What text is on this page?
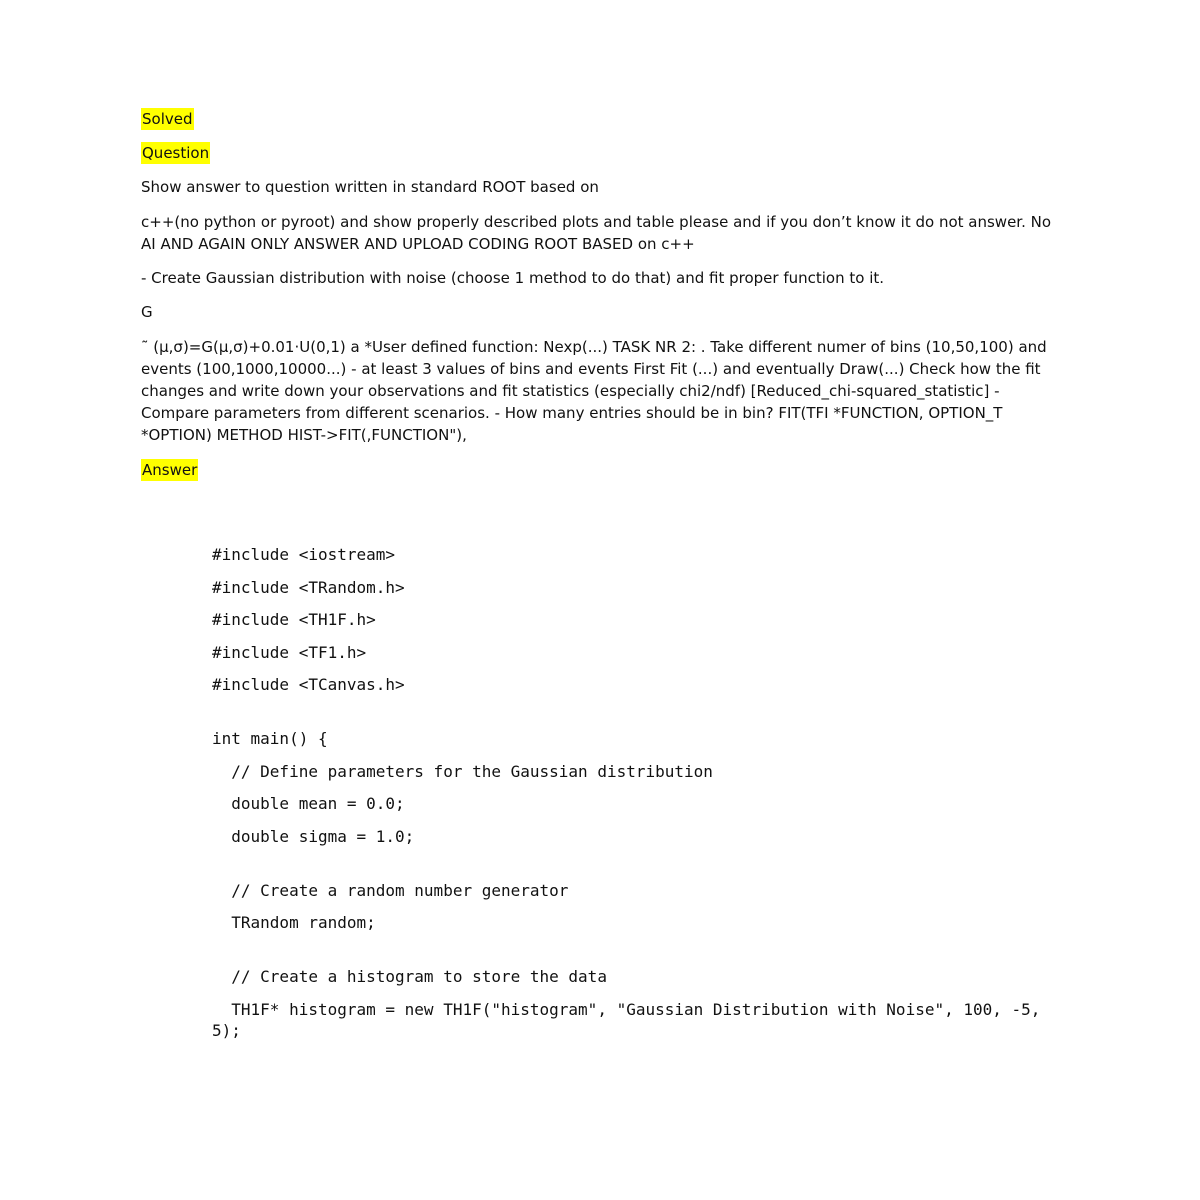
Solved
Question

Show answer to question written in standard ROOT based on

c++(no python or pyroot) and show properly described plots and table please and if you don’t know it do not answer. No AI AND AGAIN ONLY ANSWER AND UPLOAD CODING ROOT BASED on c++

- Create Gaussian distribution with noise (choose 1 method to do that) and fit proper function to it.

G

˜ (μ,σ)=G(μ,σ)+0.01·U(0,1) a *User defined function: Nexp(...) TASK NR 2: . Take different numer of bins (10,50,100) and events (100,1000,10000...) - at least 3 values of bins and events First Fit (...) and eventually Draw(...) Check how the fit changes and write down your observations and fit statistics (especially chi2/ndf) [Reduced_chi-squared_statistic] - Compare parameters from different scenarios. - How many entries should be in bin? FIT(TFI *FUNCTION, OPTION_T *OPTION) METHOD HIST->FIT(,FUNCTION"),

Answer
#include <iostream>
#include <TRandom.h>
#include <TH1F.h>
#include <TF1.h>
#include <TCanvas.h>
int main() {
// Define parameters for the Gaussian distribution
double mean = 0.0;
double sigma = 1.0;
// Create a random number generator
TRandom random;
// Create a histogram to store the data
TH1F* histogram = new TH1F("histogram", "Gaussian Distribution with Noise", 100, -5, 5);
